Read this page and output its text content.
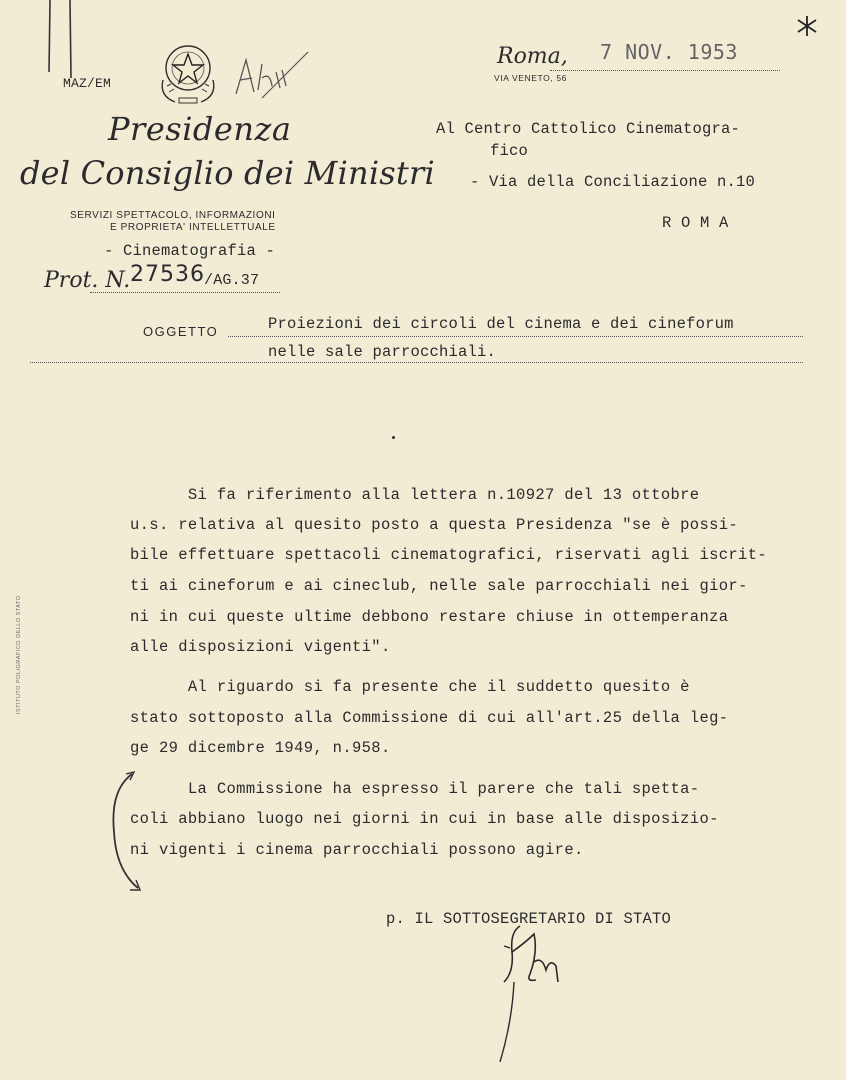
MAZ/EM
Presidenza
del Consiglio dei Ministri
SERVIZI SPETTACOLO, INFORMAZIONI
E PROPRIETA' INTELLETTUALE
- Cinematografia -
Prot. N. 27536 /AG.37
Roma, 7 NOV. 1953
VIA VENETO, 56
Al Centro Cattolico Cinematogra-
fico
- Via della Conciliazione n.10
R O M A
OGGETTO	Proiezioni dei circoli del cinema e dei cineforum
nelle sale parrocchiali.
Si fa riferimento alla lettera n.10927 del 13 ottobre
u.s. relativa al quesito posto a questa Presidenza "se è possi-
bile effettuare spettacoli cinematografici, riservati agli iscrit-
ti ai cineforum e ai cineclub, nelle sale parrocchiali nei gior-
ni in cui queste ultime debbono restare chiuse in ottemperanza
alle disposizioni vigenti".
Al riguardo si fa presente che il suddetto quesito è
stato sottoposto alla Commissione di cui all'art.25 della leg-
ge 29 dicembre 1949, n.958.
La Commissione ha espresso il parere che tali spetta-
coli abbiano luogo nei giorni in cui in base alle disposizio-
ni vigenti i cinema parrocchiali possono agire.
ISTITUTO POLIGRAFICO DELLO STATO
p. IL SOTTOSEGRETARIO DI STATO
